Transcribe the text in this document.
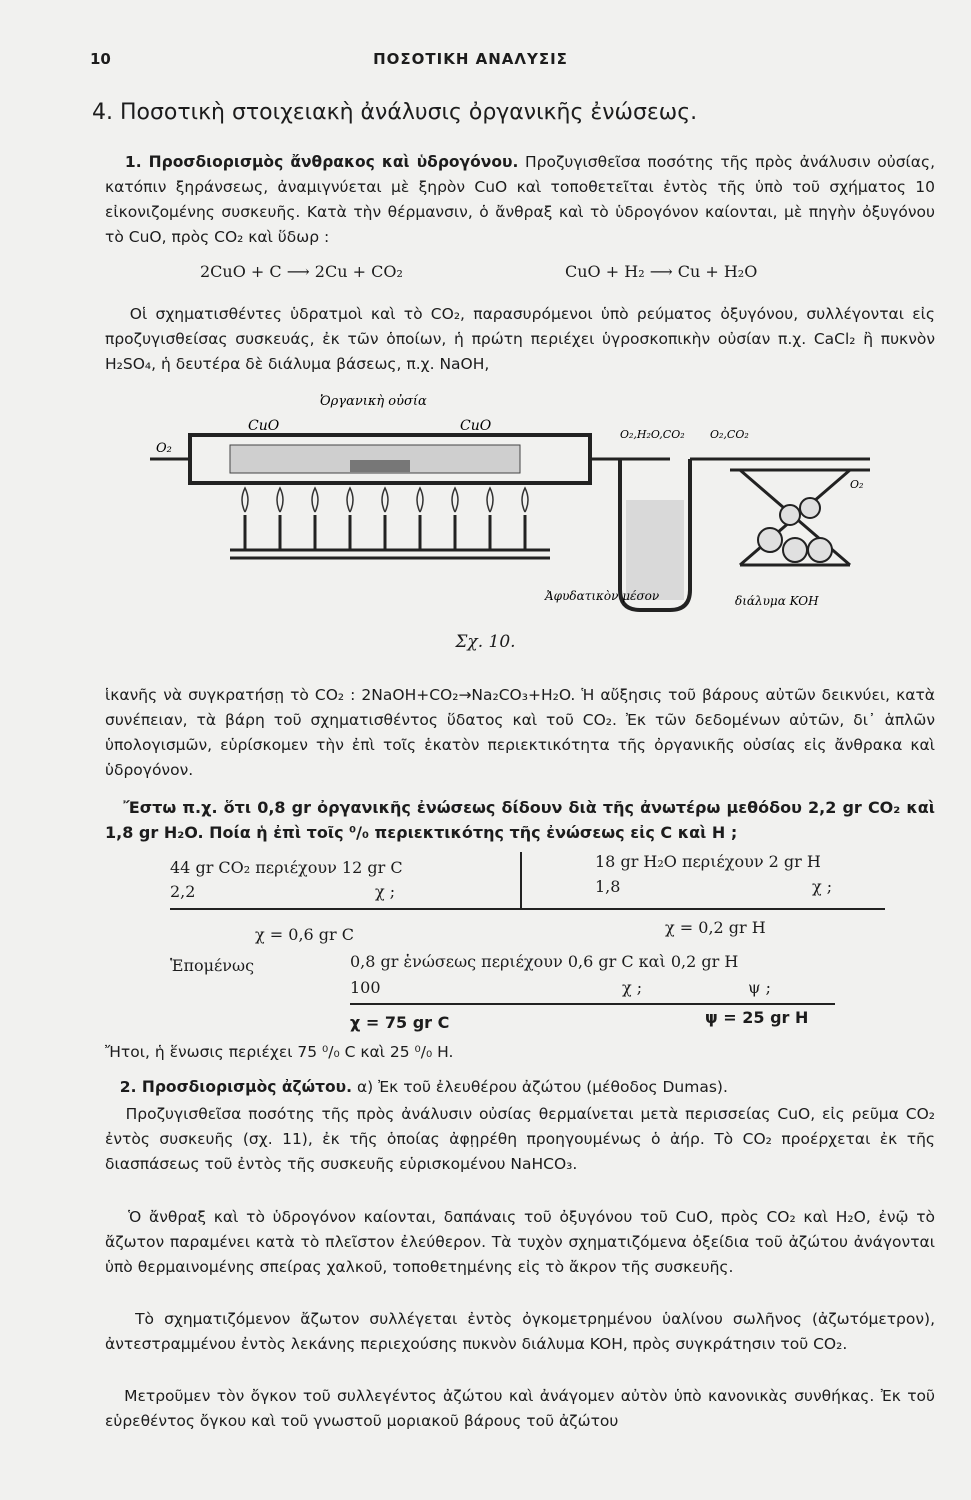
10	ΠΟΣΟΤΙΚΗ ΑΝΑΛΥΣΙΣ
4. Ποσοτικὴ στοιχειακὴ ἀνάλυσις ὀργανικῆς ἐνώσεως.
1. Προσδιορισμὸς ἄνθρακος καὶ ὑδρογόνου. Προζυγισθεῖσα ποσότης τῆς πρὸς ἀνάλυσιν οὐσίας, κατόπιν ξηράνσεως, ἀναμιγνύεται μὲ ξηρὸν CuO καὶ τοποθετεῖται ἐντὸς τῆς ὑπὸ τοῦ σχήματος 10 εἰκονιζομένης συσκευῆς. Κατὰ τὴν θέρμανσιν, ὁ ἄνθραξ καὶ τὸ ὑδρογόνον καίονται, μὲ πηγὴν ὀξυγόνου τὸ CuO, πρὸς CO₂ καὶ ὕδωρ :
2CuO + C ⟶ 2Cu + CO₂	CuO + H₂ ⟶ Cu + H₂O
Οἱ σχηματισθέντες ὑδρατμοὶ καὶ τὸ CO₂, παρασυρόμενοι ὑπὸ ρεύματος ὀξυγόνου, συλλέγονται εἰς προζυγισθείσας συσκευάς, ἐκ τῶν ὁποίων, ἡ πρώτη περιέχει ὑγροσκοπικὴν οὐσίαν π.χ. CaCl₂ ἢ πυκνὸν H₂SO₄, ἡ δευτέρα δὲ διάλυμα βάσεως, π.χ. NaOH,
O₂
CuO
Ὀργανικὴ οὐσία
CuO
O₂,H₂O,CO₂ O₂,CO₂
O₂
Ἀφυδατικὸν μέσον	διάλυμα KOH
Σχ. 10.
ἱκανῆς νὰ συγκρατήσῃ τὸ CO₂ : 2NaOH+CO₂→Na₂CO₃+H₂O. Ἡ αὔξησις τοῦ βάρους αὐτῶν δεικνύει, κατὰ συνέπειαν, τὰ βάρη τοῦ σχηματισθέντος ὕδατος καὶ τοῦ CO₂. Ἐκ τῶν δεδομένων αὐτῶν, δι᾽ ἁπλῶν ὑπολογισμῶν, εὑρίσκομεν τὴν ἐπὶ τοῖς ἑκατὸν περιεκτικότητα τῆς ὀργανικῆς οὐσίας εἰς ἄνθρακα καὶ ὑδρογόνον.
Ἔστω π.χ. ὅτι 0,8 gr ὀργανικῆς ἐνώσεως δίδουν διὰ τῆς ἀνωτέρω μεθόδου 2,2 gr CO₂ καὶ 1,8 gr H₂O. Ποία ἡ ἐπὶ τοῖς ⁰/₀ περιεκτικότης τῆς ἐνώσεως εἰς C καὶ H ;
44 gr CO₂ περιέχουν 12 gr C
2,2	χ ;
18 gr H₂O περιέχουν 2 gr H
1,8	χ ;
χ = 0,6 gr C	χ = 0,2 gr H
Ἑπομένως	0,8 gr ἑνώσεως περιέχουν 0,6 gr C καὶ 0,2 gr H
100	χ ;	ψ ;
χ = 75 gr C	ψ = 25 gr H
Ἤτοι, ἡ ἕνωσις περιέχει 75 ⁰/₀ C καὶ 25 ⁰/₀ H.
2. Προσδιορισμὸς ἀζώτου. α) Ἐκ τοῦ ἐλευθέρου ἀζώτου (μέθοδος Dumas).
Προζυγισθεῖσα ποσότης τῆς πρὸς ἀνάλυσιν οὐσίας θερμαίνεται μετὰ περισσείας CuO, εἰς ρεῦμα CO₂ ἐντὸς συσκευῆς (σχ. 11), ἐκ τῆς ὁποίας ἀφῃρέθη προηγουμένως ὁ ἀήρ. Τὸ CO₂ προέρχεται ἐκ τῆς διασπάσεως τοῦ ἐντὸς τῆς συσκευῆς εὑρισκομένου NaHCO₃.
Ὁ ἄνθραξ καὶ τὸ ὑδρογόνον καίονται, δαπάναις τοῦ ὀξυγόνου τοῦ CuO, πρὸς CO₂ καὶ H₂O, ἐνῷ τὸ ἄζωτον παραμένει κατὰ τὸ πλεῖστον ἐλεύθερον. Τὰ τυχὸν σχηματιζόμενα ὀξείδια τοῦ ἀζώτου ἀνάγονται ὑπὸ θερμαινομένης σπείρας χαλκοῦ, τοποθετημένης εἰς τὸ ἄκρον τῆς συσκευῆς.
Τὸ σχηματιζόμενον ἄζωτον συλλέγεται ἐντὸς ὀγκομετρημένου ὑαλίνου σωλῆνος (ἀζωτόμετρον), ἀντεστραμμένου ἐντὸς λεκάνης περιεχούσης πυκνὸν διάλυμα KOH, πρὸς συγκράτησιν τοῦ CO₂.
Μετροῦμεν τὸν ὄγκον τοῦ συλλεγέντος ἀζώτου καὶ ἀνάγομεν αὐτὸν ὑπὸ κανονικὰς συνθήκας. Ἐκ τοῦ εὑρεθέντος ὄγκου καὶ τοῦ γνωστοῦ μοριακοῦ βάρους τοῦ ἀζώτου
